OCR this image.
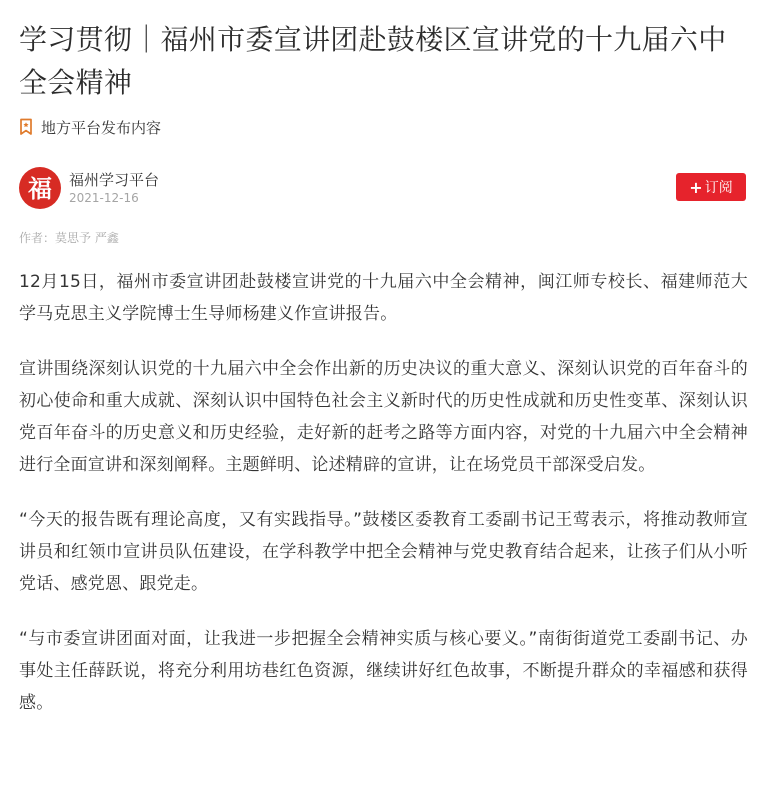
学习贯彻｜福州市委宣讲团赴鼓楼区宣讲党的十九届六中全会精神
地方平台发布内容
福 福州学习平台
2021-12-16
+ 订阅
作者：莫思予 严鑫

12月15日，福州市委宣讲团赴鼓楼宣讲党的十九届六中全会精神，闽江师专校长、福建师范大学马克思主义学院博士生导师杨建义作宣讲报告。

宣讲围绕深刻认识党的十九届六中全会作出新的历史决议的重大意义、深刻认识党的百年奋斗的初心使命和重大成就、深刻认识中国特色社会主义新时代的历史性成就和历史性变革、深刻认识党百年奋斗的历史意义和历史经验，走好新的赶考之路等方面内容，对党的十九届六中全会精神进行全面宣讲和深刻阐释。主题鲜明、论述精辟的宣讲，让在场党员干部深受启发。

“今天的报告既有理论高度，又有实践指导。”鼓楼区委教育工委副书记王莺表示，将推动教师宣讲员和红领巾宣讲员队伍建设，在学科教学中把全会精神与党史教育结合起来，让孩子们从小听党话、感党恩、跟党走。

“与市委宣讲团面对面，让我进一步把握全会精神实质与核心要义。”南街街道党工委副书记、办事处主任薛跃说，将充分利用坊巷红色资源，继续讲好红色故事，不断提升群众的幸福感和获得感。
